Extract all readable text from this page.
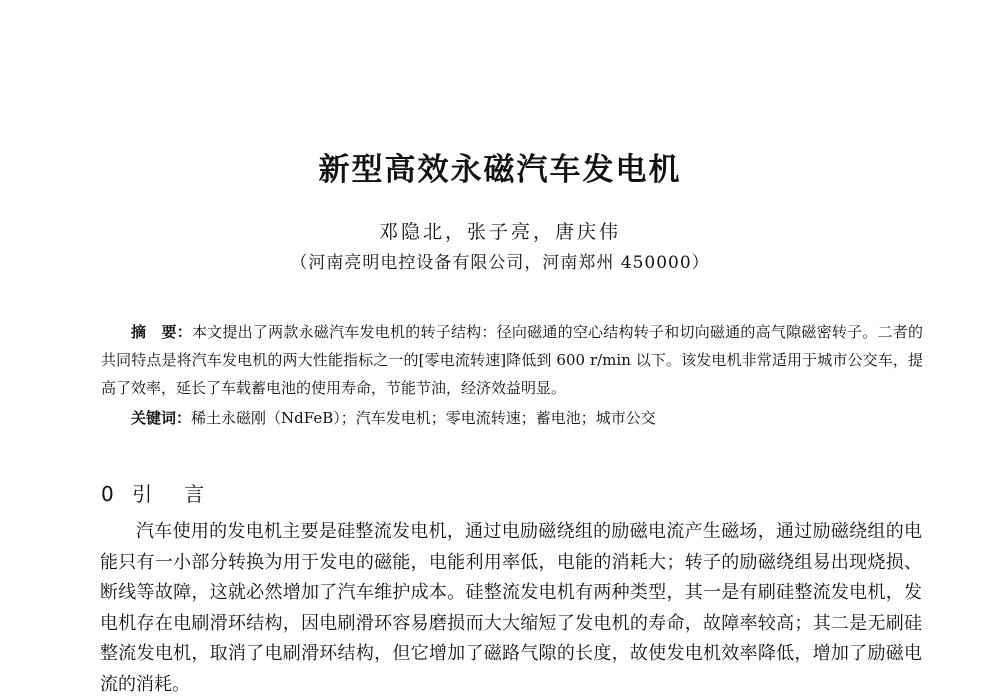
新型高效永磁汽车发电机
邓隐北，张子亮，唐庆伟
（河南亮明电控设备有限公司，河南郑州 450000）
摘　要：本文提出了两款永磁汽车发电机的转子结构：径向磁通的空心结构转子和切向磁通的高气隙磁密转子。二者的共同特点是将汽车发电机的两大性能指标之一的[零电流转速]降低到 600 r/min 以下。该发电机非常适用于城市公交车，提高了效率，延长了车载蓄电池的使用寿命，节能节油，经济效益明显。
关键词：稀土永磁刚（NdFeB）；汽车发电机；零电流转速；蓄电池；城市公交
0 引　言
汽车使用的发电机主要是硅整流发电机，通过电励磁绕组的励磁电流产生磁场，通过励磁绕组的电能只有一小部分转换为用于发电的磁能，电能利用率低，电能的消耗大；转子的励磁绕组易出现烧损、断线等故障，这就必然增加了汽车维护成本。硅整流发电机有两种类型，其一是有刷硅整流发电机，发电机存在电刷滑环结构，因电刷滑环容易磨损而大大缩短了发电机的寿命，故障率较高；其二是无刷硅整流发电机，取消了电刷滑环结构，但它增加了磁路气隙的长度，故使发电机效率降低，增加了励磁电流的消耗。
